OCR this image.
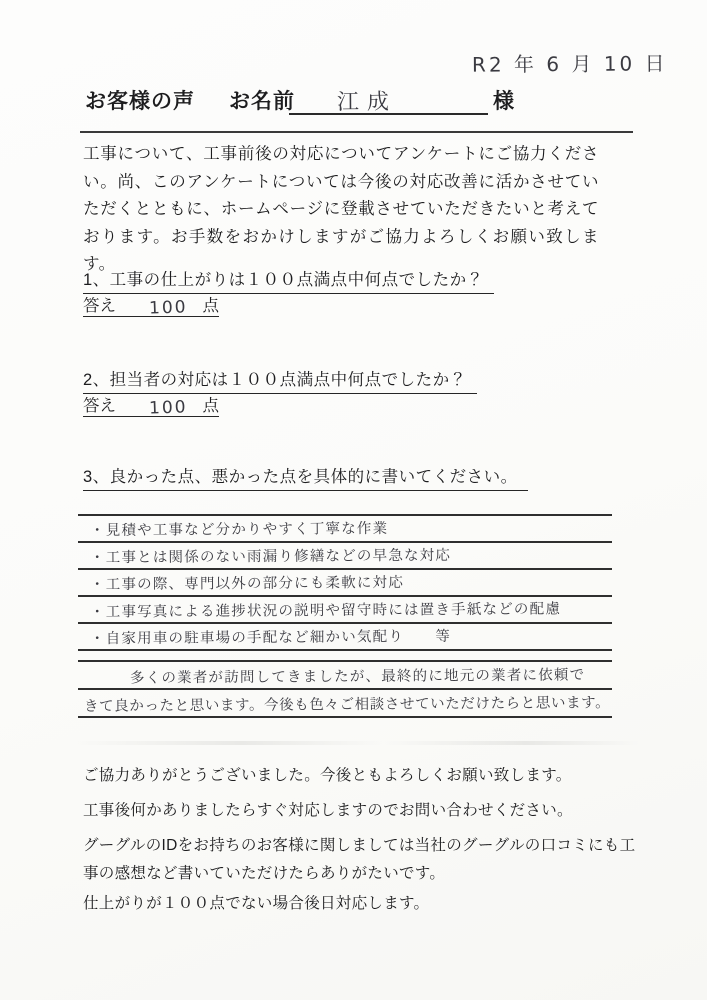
R2 年 6 月 10 日
お客様の声 お名前 江成	様
工事について、工事前後の対応についてアンケートにご協力ください。尚、このアンケートについては今後の対応改善に活かさせていただくとともに、ホームページに登載させていただきたいと考えております。お手数をおかけしますがご協力よろしくお願い致します。
1、工事の仕上がりは１００点満点中何点でしたか？
答え	100 点
2、担当者の対応は１００点満点中何点でしたか？
答え	100 点
3、良かった点、悪かった点を具体的に書いてください。
・見積や工事など分かりやすく丁寧な作業
・工事とは関係のない雨漏り修繕などの早急な対応
・工事の際、専門以外の部分にも柔軟に対応
・工事写真による進捗状況の説明や留守時には置き手紙などの配慮
・自家用車の駐車場の手配など細かい気配り　　等
多くの業者が訪問してきましたが、最終的に地元の業者に依頼で
きて良かったと思います。今後も色々ご相談させていただけたらと思います。
ご協力ありがとうございました。今後ともよろしくお願い致します。
工事後何かありましたらすぐ対応しますのでお問い合わせください。
グーグルのIDをお持ちのお客様に関しましては当社のグーグルの口コミにも工事の感想など書いていただけたらありがたいです。
仕上がりが１００点でない場合後日対応します。
